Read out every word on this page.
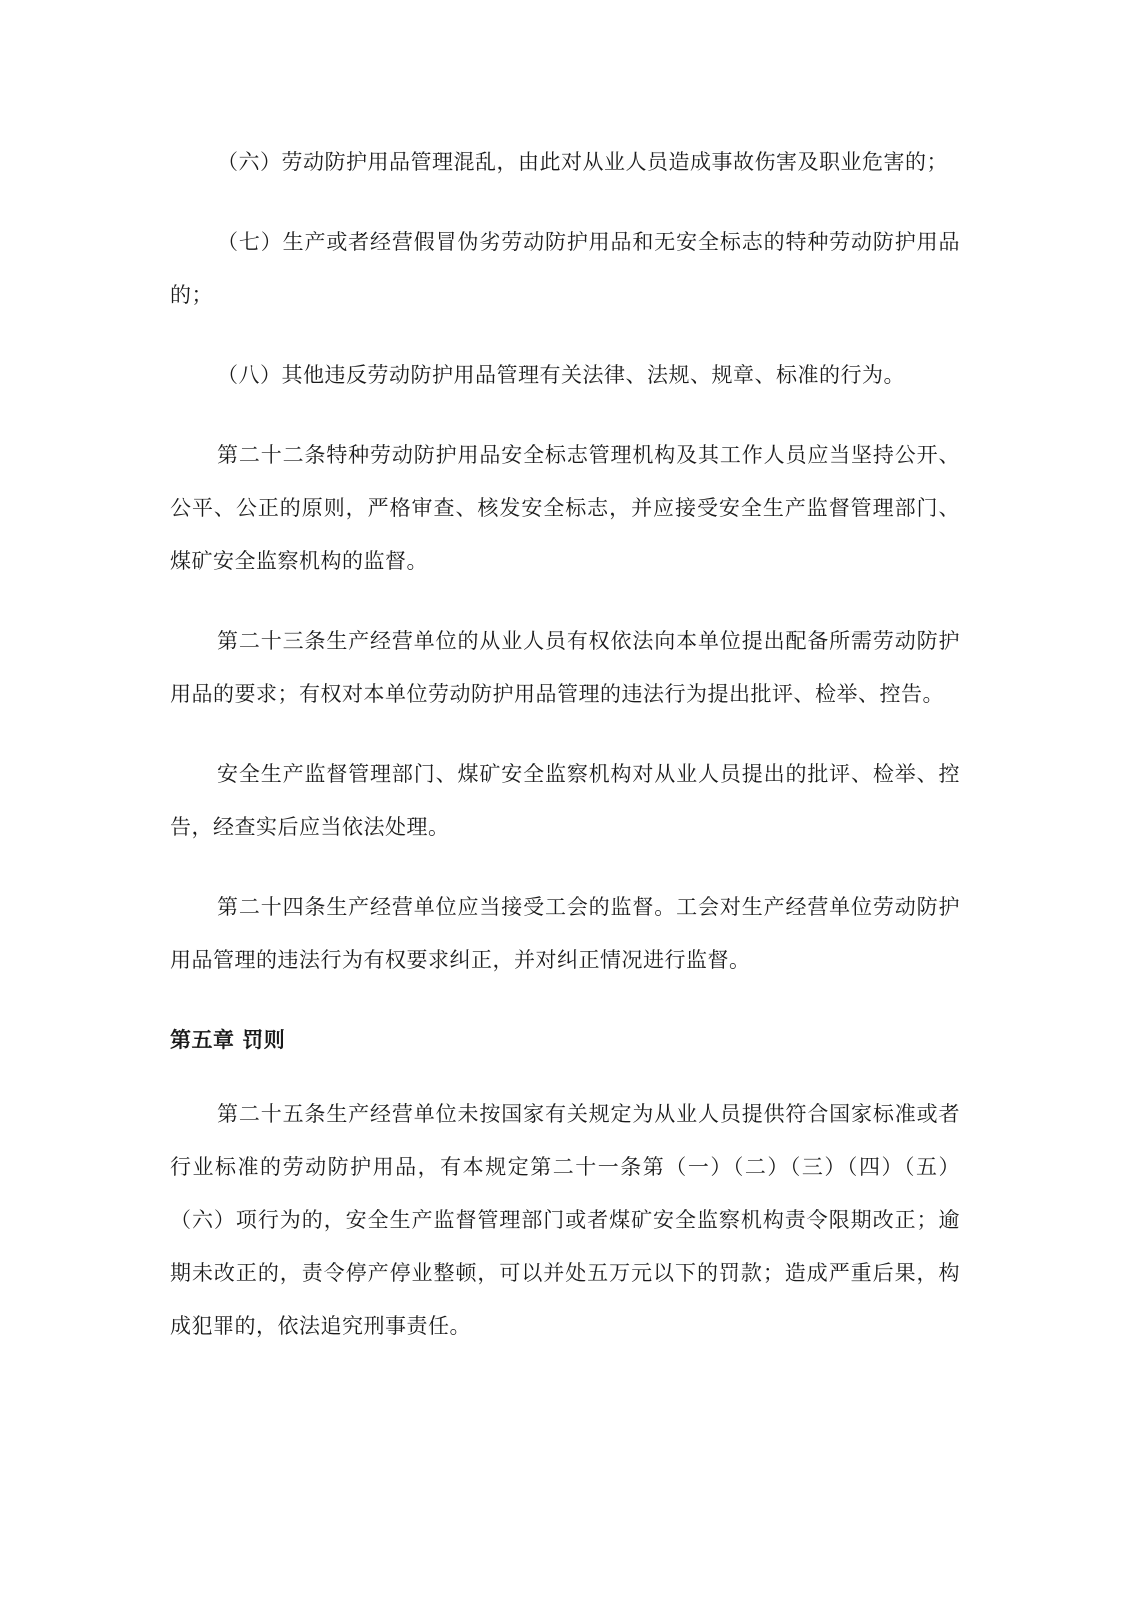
（六）劳动防护用品管理混乱，由此对从业人员造成事故伤害及职业危害的；

（七）生产或者经营假冒伪劣劳动防护用品和无安全标志的特种劳动防护用品的；

（八）其他违反劳动防护用品管理有关法律、法规、规章、标准的行为。

第二十二条特种劳动防护用品安全标志管理机构及其工作人员应当坚持公开、公平、公正的原则，严格审查、核发安全标志，并应接受安全生产监督管理部门、煤矿安全监察机构的监督。

第二十三条生产经营单位的从业人员有权依法向本单位提出配备所需劳动防护用品的要求；有权对本单位劳动防护用品管理的违法行为提出批评、检举、控告。

安全生产监督管理部门、煤矿安全监察机构对从业人员提出的批评、检举、控告，经查实后应当依法处理。

第二十四条生产经营单位应当接受工会的监督。工会对生产经营单位劳动防护用品管理的违法行为有权要求纠正，并对纠正情况进行监督。

第五章 罚则

第二十五条生产经营单位未按国家有关规定为从业人员提供符合国家标准或者行业标准的劳动防护用品，有本规定第二十一条第（一）（二）（三）（四）（五）（六）项行为的，安全生产监督管理部门或者煤矿安全监察机构责令限期改正；逾期未改正的，责令停产停业整顿，可以并处五万元以下的罚款；造成严重后果，构成犯罪的，依法追究刑事责任。
